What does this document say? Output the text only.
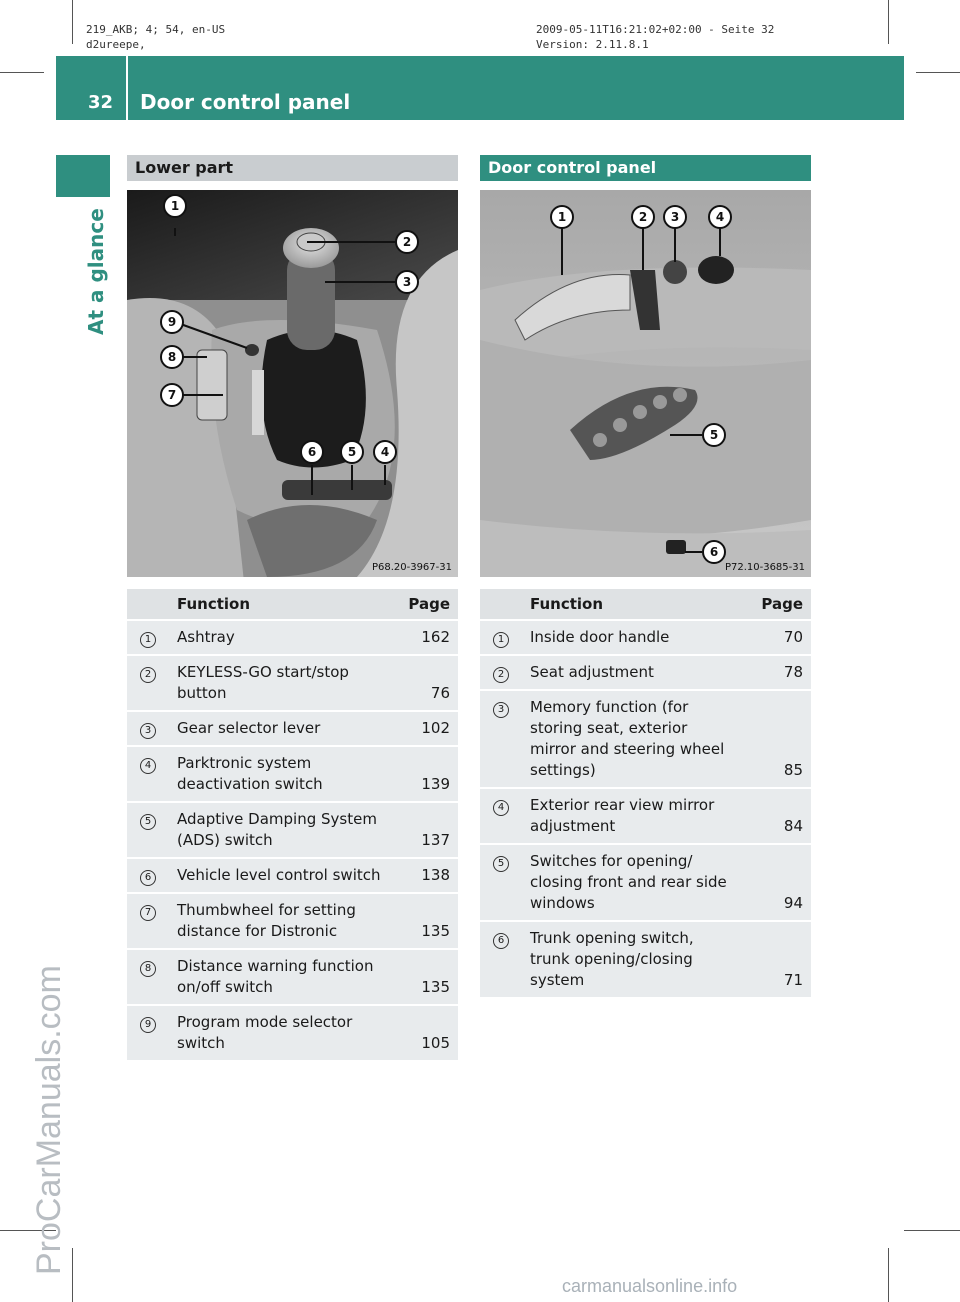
219_AKB; 4; 54, en-US
d2ureepe,
2009-05-11T16:21:02+02:00 - Seite 32
Version: 2.11.8.1
32 Door control panel
At a glance
ProCarManuals.com
carmanualsonline.info
Lower part
1
2
3
4
5
6
7
8
9
P68.20-3967-31
	Function	Page
1	Ashtray	162
2	KEYLESS-GO start/stop button	76
3	Gear selector lever	102
4	Parktronic system deactivation switch	139
5	Adaptive Damping System (ADS) switch	137
6	Vehicle level control switch	138
7	Thumbwheel for setting distance for Distronic	135
8	Distance warning function on/off switch	135
9	Program mode selector switch	105
Door control panel
1	2 3	4
5
6
P72.10-3685-31
	Function	Page
1	Inside door handle	70
2	Seat adjustment	78
3	Memory function (for storing seat, exterior mirror and steering wheel settings)	85
4	Exterior rear view mirror adjustment	84
5	Switches for opening/ closing front and rear side windows	94
6	Trunk opening switch, trunk opening/closing system	71
